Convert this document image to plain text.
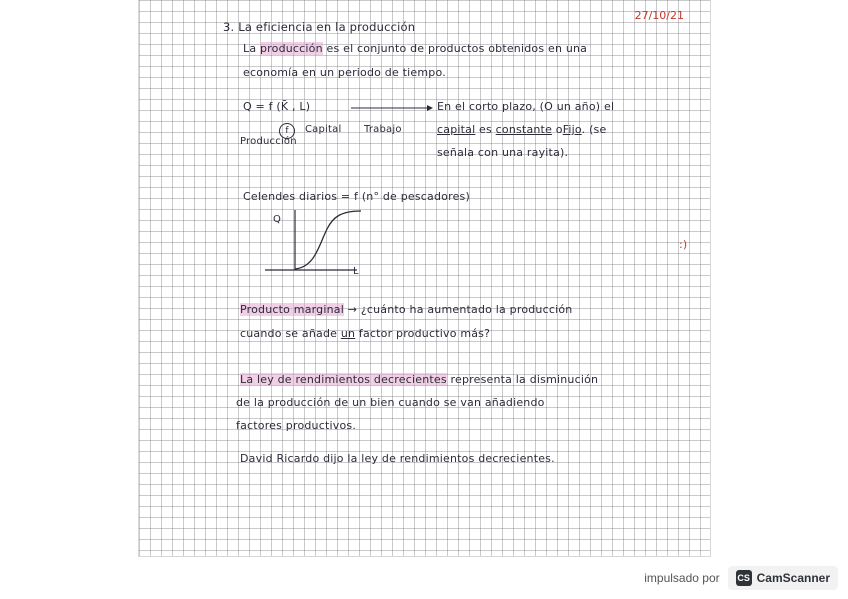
27/10/21
3. La eficiencia en la producción
La producción es el conjunto de productos obtenidos en una
economía en un periodo de tiempo.
Q = f (K̄ , L)	En el corto plazo, (O un año) el
capital es constante oFijo. (se
señala con una rayita).
f	Capital Trabajo
Producción
Celendes diarios = f (n° de pescadores)
Q
L
:)
Producto marginal → ¿cuánto ha aumentado la producción
cuando se añade un factor productivo más?
La ley de rendimientos decrecientes representa la disminución
de la producción de un bien cuando se van añadiendo
factores productivos.
David Ricardo dijo la ley de rendimientos decrecientes.
impulsado por CS CamScanner
